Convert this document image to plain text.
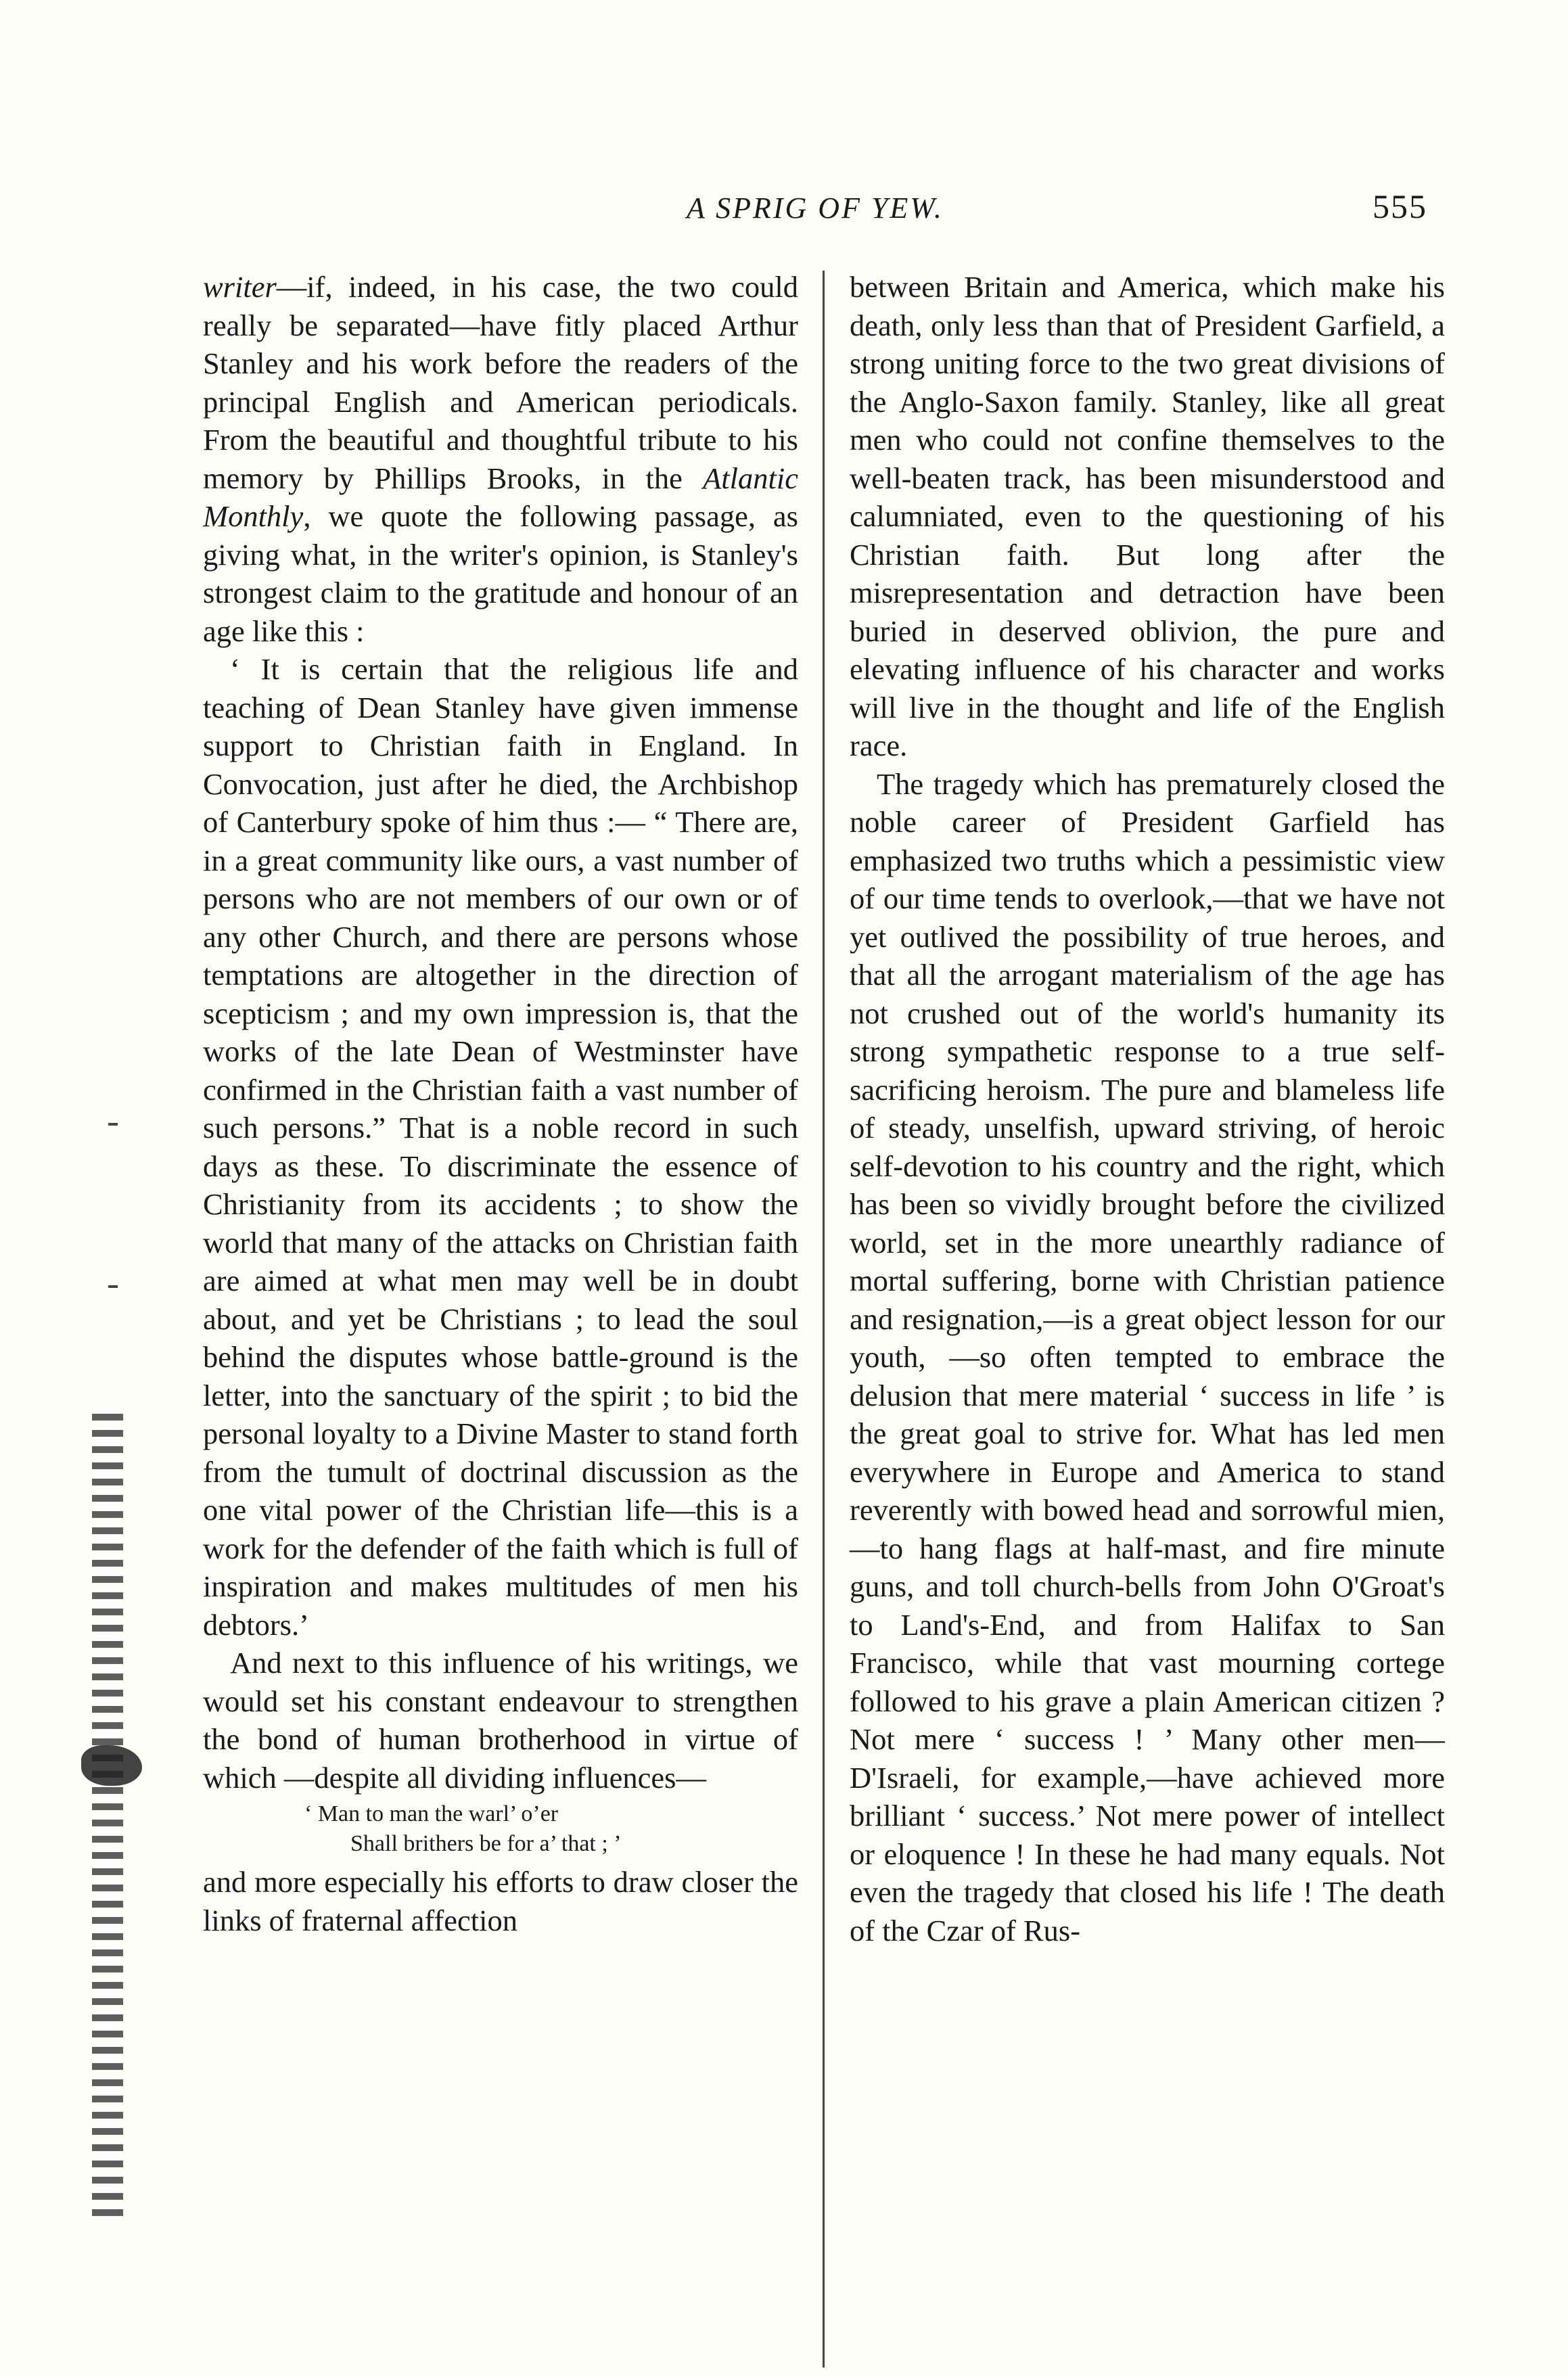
A SPRIG OF YEW.	555

writer—if, indeed, in his case, the two could really be separated—have fitly placed Arthur Stanley and his work before the readers of the principal English and American periodicals. From the beautiful and thoughtful tribute to his memory by Phillips Brooks, in the Atlantic Monthly, we quote the following passage, as giving what, in the writer's opinion, is Stanley's strongest claim to the gratitude and honour of an age like this :

‘ It is certain that the religious life and teaching of Dean Stanley have given immense support to Christian faith in England. In Convocation, just after he died, the Archbishop of Canterbury spoke of him thus :— “ There are, in a great community like ours, a vast number of persons who are not members of our own or of any other Church, and there are persons whose temptations are altogether in the direction of scepticism ; and my own impression is, that the works of the late Dean of Westminster have confirmed in the Christian faith a vast number of such persons.” That is a noble record in such days as these. To discriminate the essence of Christianity from its accidents ; to show the world that many of the attacks on Christian faith are aimed at what men may well be in doubt about, and yet be Christians ; to lead the soul behind the disputes whose battle-ground is the letter, into the sanctuary of the spirit ; to bid the personal loyalty to a Divine Master to stand forth from the tumult of doctrinal discussion as the one vital power of the Christian life—this is a work for the defender of the faith which is full of inspiration and makes multitudes of men his debtors.’

And next to this influence of his writings, we would set his constant endeavour to strengthen the bond of human brotherhood in virtue of which —despite all dividing influences—

‘ Man to man the warl’ o’er
Shall brithers be for a’ that ; ’

and more especially his efforts to draw closer the links of fraternal affection

between Britain and America, which make his death, only less than that of President Garfield, a strong uniting force to the two great divisions of the Anglo-Saxon family. Stanley, like all great men who could not confine themselves to the well-beaten track, has been misunderstood and calumniated, even to the questioning of his Christian faith. But long after the misrepresentation and detraction have been buried in deserved oblivion, the pure and elevating influence of his character and works will live in the thought and life of the English race.

The tragedy which has prematurely closed the noble career of President Garfield has emphasized two truths which a pessimistic view of our time tends to overlook,—that we have not yet outlived the possibility of true heroes, and that all the arrogant materialism of the age has not crushed out of the world's humanity its strong sympathetic response to a true self-sacrificing heroism. The pure and blameless life of steady, unselfish, upward striving, of heroic self-devotion to his country and the right, which has been so vividly brought before the civilized world, set in the more unearthly radiance of mortal suffering, borne with Christian patience and resignation,—is a great object lesson for our youth, —so often tempted to embrace the delusion that mere material ‘ success in life ’ is the great goal to strive for. What has led men everywhere in Europe and America to stand reverently with bowed head and sorrowful mien, —to hang flags at half-mast, and fire minute guns, and toll church-bells from John O'Groat's to Land's-End, and from Halifax to San Francisco, while that vast mourning cortege followed to his grave a plain American citizen ? Not mere ‘ success ! ’ Many other men—D'Israeli, for example,—have achieved more brilliant ‘ success.’ Not mere power of intellect or eloquence ! In these he had many equals. Not even the tragedy that closed his life ! The death of the Czar of Rus-
